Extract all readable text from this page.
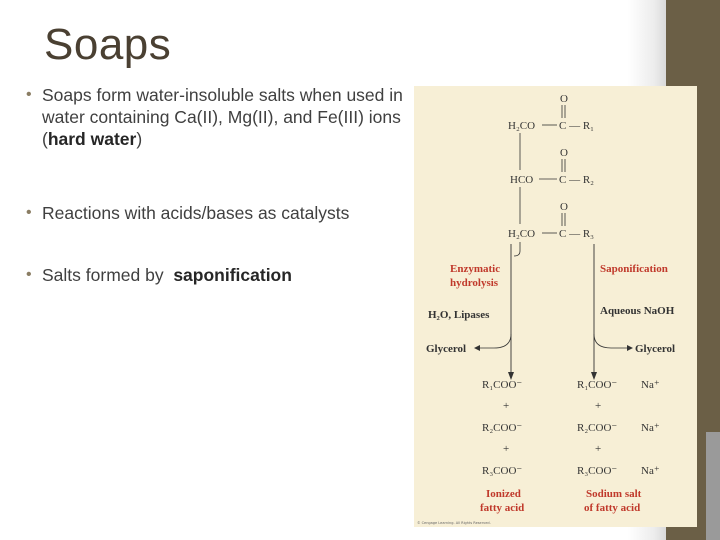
Soaps
• Soaps form water-insoluble salts when used in water containing Ca(II), Mg(II), and Fe(III) ions (hard water)
• Reactions with acids/bases as catalysts
• Salts formed by  saponification
O
H₂CO C — R₁
O
HCO C — R₂
O
H₂CO C — R₃
Enzymatic
hydrolysis
H₂O, Lipases
Glycerol
R₁COO⁻
+
R₂COO⁻
+
R₃COO⁻
Ionized
fatty acid
Saponification
Aqueous NaOH
Glycerol
R₁COO⁻ Na⁺
+
R₂COO⁻ Na⁺
+
R₃COO⁻ Na⁺
Sodium salt
of fatty acid
© Cengage Learning. All Rights Reserved.
